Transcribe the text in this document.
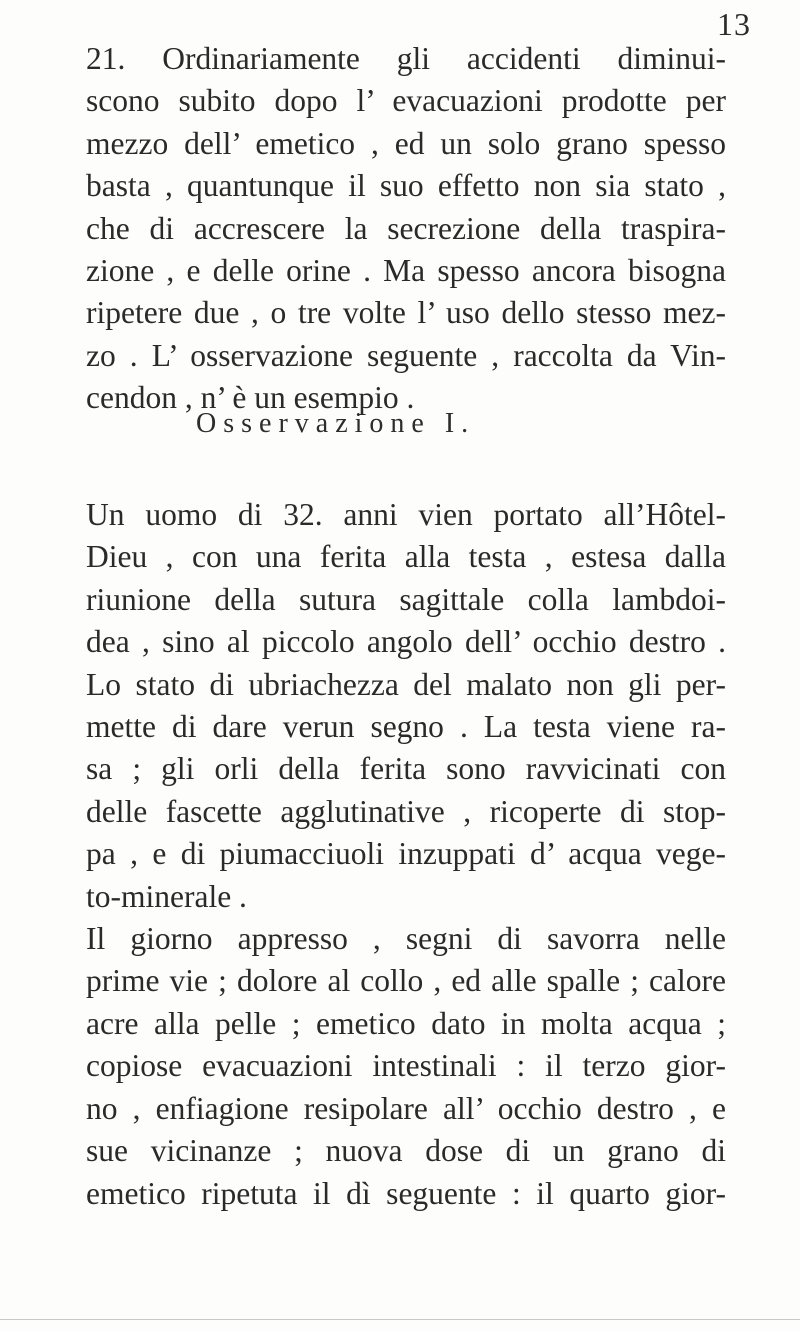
13
21. Ordinariamente gli accidenti diminui-
scono subito dopo l’ evacuazioni prodotte per
mezzo dell’ emetico , ed un solo grano spesso
basta , quantunque il suo effetto non sia stato ,
che di accrescere la secrezione della traspira-
zione , e delle orine . Ma spesso ancora bisogna
ripetere due , o tre volte l’ uso dello stesso mez-
zo . L’ osservazione seguente , raccolta da Vin-
cendon , n’ è un esempio .
Osservazione I.
Un uomo di 32. anni vien portato all’Hôtel-
Dieu , con una ferita alla testa , estesa dalla
riunione della sutura sagittale colla lambdoi-
dea , sino al piccolo angolo dell’ occhio destro .
Lo stato di ubriachezza del malato non gli per-
mette di dare verun segno . La testa viene ra-
sa ; gli orli della ferita sono ravvicinati con
delle fascette agglutinative , ricoperte di stop-
pa , e di piumacciuoli inzuppati d’ acqua vege-
to-minerale .
Il giorno appresso , segni di savorra nelle
prime vie ; dolore al collo , ed alle spalle ; calore
acre alla pelle ; emetico dato in molta acqua ;
copiose evacuazioni intestinali : il terzo gior-
no , enfiagione resipolare all’ occhio destro , e
sue vicinanze ; nuova dose di un grano di
emetico ripetuta il dì seguente : il quarto gior-
